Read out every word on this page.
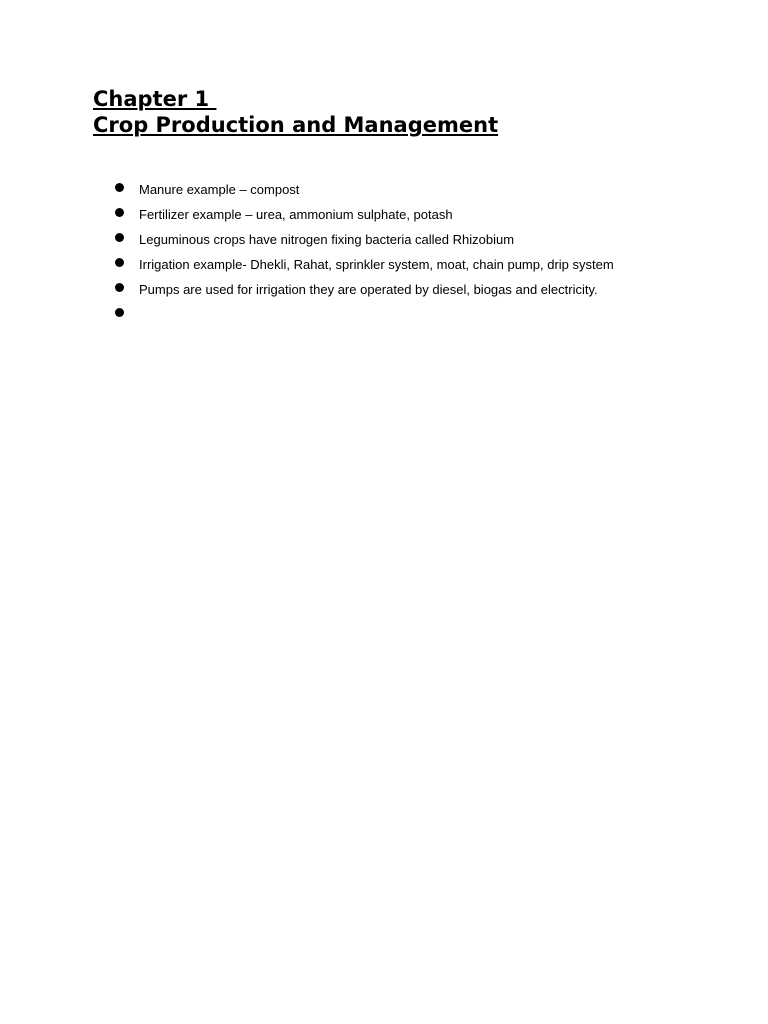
Chapter 1
Crop Production and Management
Manure example – compost
Fertilizer example – urea, ammonium sulphate, potash
Leguminous crops have nitrogen fixing bacteria called Rhizobium
Irrigation example- Dhekli, Rahat, sprinkler system, moat, chain pump, drip system
Pumps are used for irrigation they are operated by diesel, biogas and electricity.
